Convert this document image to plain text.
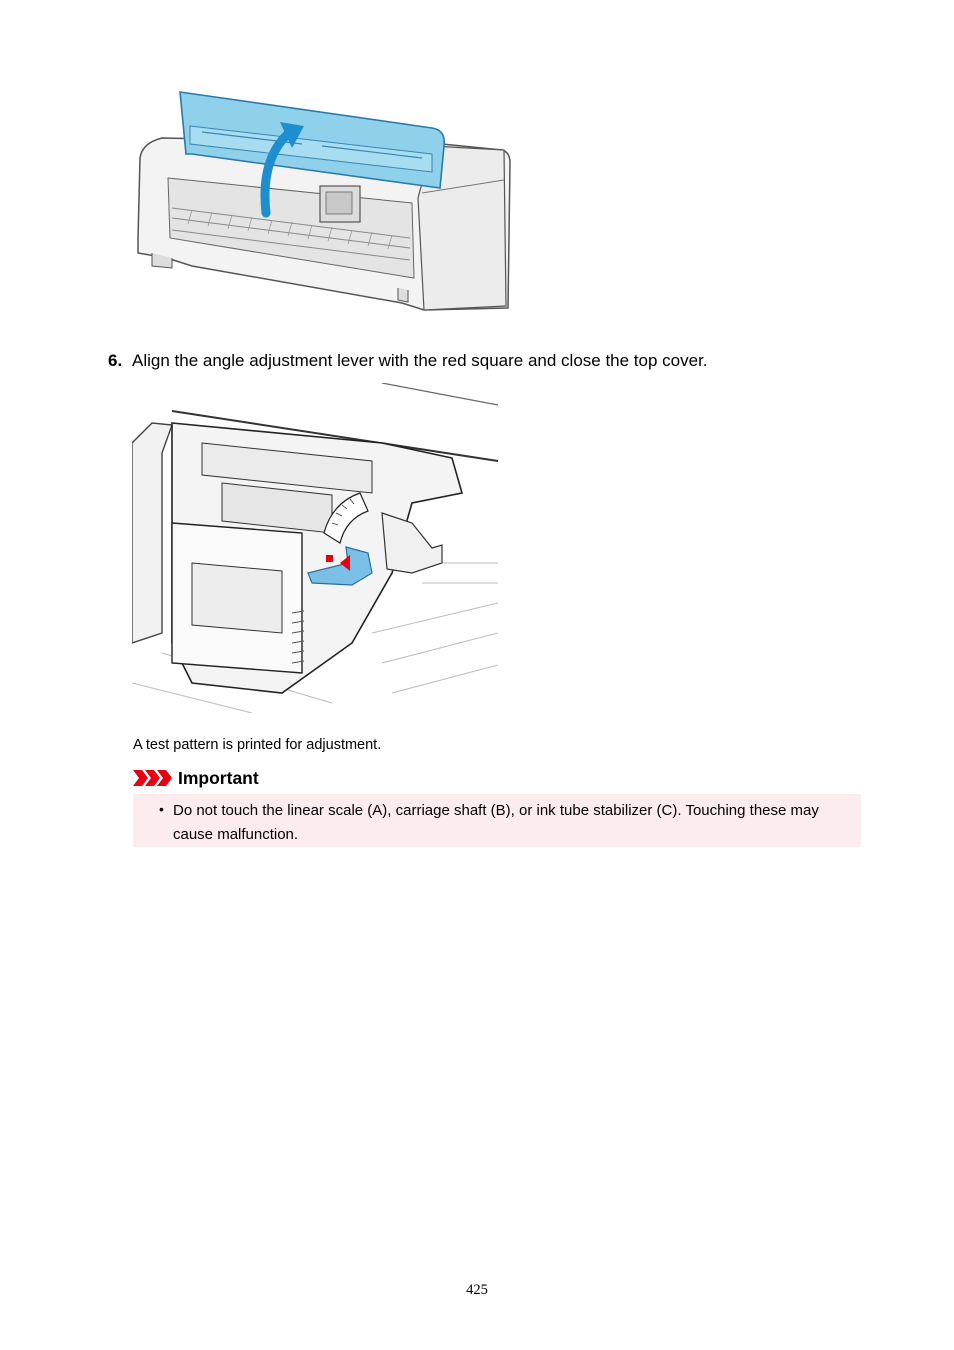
6. Align the angle adjustment lever with the red square and close the top cover.
A test pattern is printed for adjustment.
Important
• Do not touch the linear scale (A), carriage shaft (B), or ink tube stabilizer (C). Touching these may cause malfunction.
425
